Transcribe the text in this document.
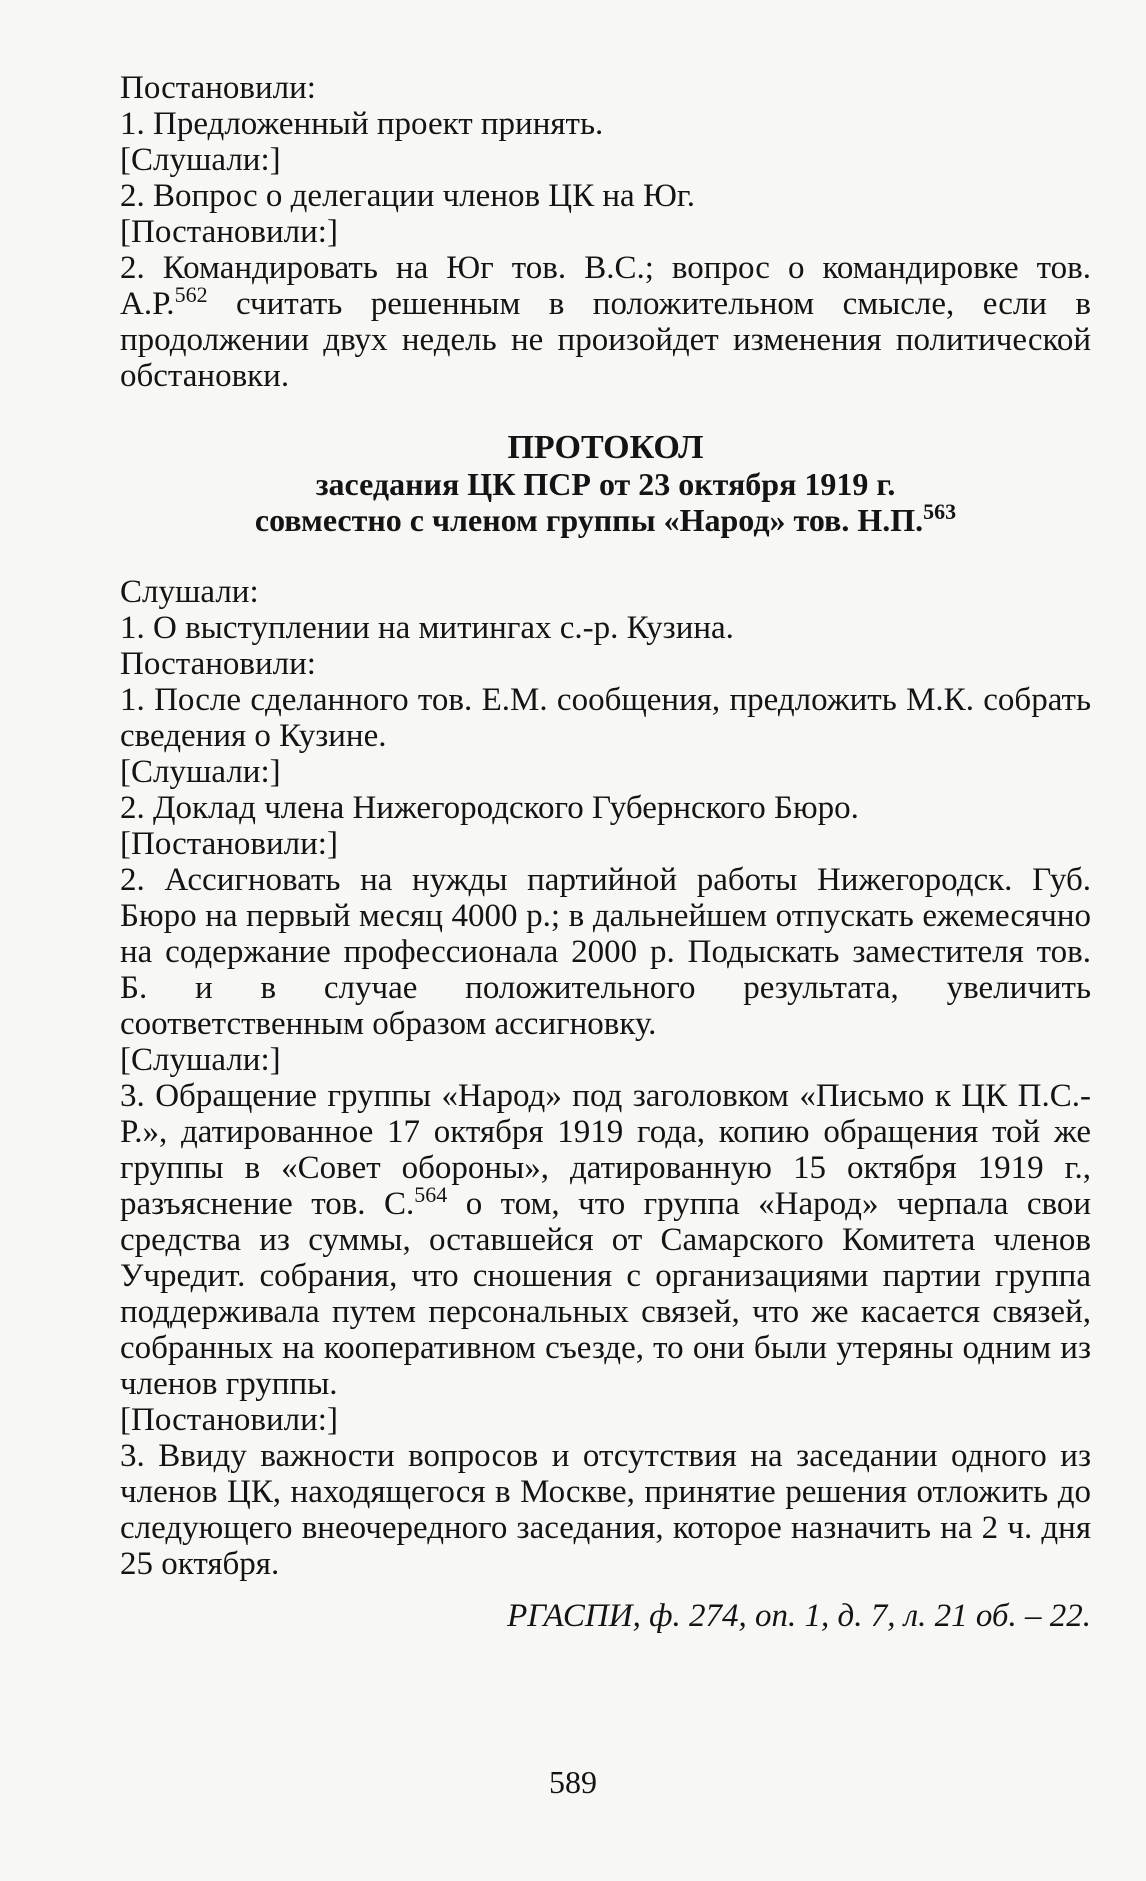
Постановили:

1. Предложенный проект принять.

[Слушали:]

2. Вопрос о делегации членов ЦК на Юг.

[Постановили:]

2. Командировать на Юг тов. В.С.; вопрос о командировке тов. А.Р.$^{562}$ считать решенным в положительном смысле, если в продолжении двух недель не произойдет изменения политической обстановки.

ПРОТОКОЛ

заседания ЦК ПСР от 23 октября 1919 г.

совместно с членом группы «Народ» тов. Н.П.$^{563}$

Слушали:

1. О выступлении на митингах с.-р. Кузина.

Постановили:

1. После сделанного тов. Е.М. сообщения, предложить М.К. собрать сведения о Кузине.

[Слушали:]

2. Доклад члена Нижегородского Губернского Бюро.

[Постановили:]

2. Ассигновать на нужды партийной работы Нижегородск. Губ. Бюро на первый месяц 4000 р.; в дальнейшем отпускать ежемесячно на содержание профессионала 2000 р. Подыскать заместителя тов. Б. и в случае положительного результата, увеличить соответственным образом ассигновку.

[Слушали:]

3. Обращение группы «Народ» под заголовком «Письмо к ЦК П.С.-Р.», датированное 17 октября 1919 года, копию обращения той же группы в «Совет обороны», датированную 15 октября 1919 г., разъяснение тов. С.$^{564}$ о том, что группа «Народ» черпала свои средства из суммы, оставшейся от Самарского Комитета членов Учредит. собрания, что сношения с организациями партии группа поддерживала путем персональных связей, что же касается связей, собранных на кооперативном съезде, то они были утеряны одним из членов группы.

[Постановили:]

3. Ввиду важности вопросов и отсутствия на заседании одного из членов ЦК, находящегося в Москве, принятие решения отложить до следующего внеочередного заседания, которое назначить на 2 ч. дня 25 октября.

РГАСПИ, ф. 274, оп. 1, д. 7, л. 21 об. – 22.

589
